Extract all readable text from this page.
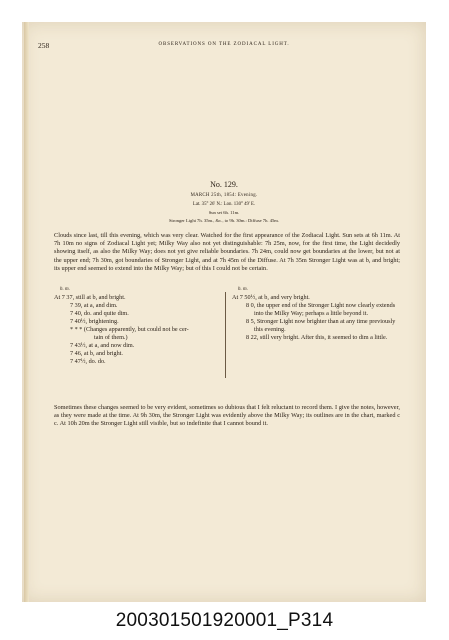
258	OBSERVATIONS ON THE ZODIACAL LIGHT.
No. 129.
MARCH 25th, 1854: Evening.
Lat. 35° 26' N.: Lon. 130° 49' E.
Sun set 6h. 11m.
Stronger Light 7h. 35m., &c., to 9h. 30m.: Diffuse 7h. 45m.
Clouds since last, till this evening, which was very clear. Watched for the first appearance of the Zodiacal Light. Sun sets at 6h 11m. At 7h 10m no signs of Zodiacal Light yet; Milky Way also not yet distinguishable: 7h 25m, now, for the first time, the Light decidedly showing itself, as also the Milky Way; does not yet give reliable boundaries. 7h 24m, could now get boundaries at the lower, but not at the upper end; 7h 30m, got boundaries of Stronger Light, and at 7h 45m of the Diffuse. At 7h 35m Stronger Light was at b, and bright; its upper end seemed to extend into the Milky Way; but of this I could not be certain.
h. m.
At 7 37, still at b, and bright.
7 39, at a, and dim.
7 40, do. and quite dim.
7 40½, brightening.
* * * (Changes apparently, but could not be cer-
tain of them.)
7 43½, at a, and now dim.
7 46, at b, and bright.
7 47½, do. do.
h. m.
At 7 50½, at b, and very bright.
8 0, the upper end of the Stronger Light now clearly extends into the Milky Way; perhaps a little beyond it.
8 5, Stronger Light now brighter than at any time previously this evening.
8 22, still very bright. After this, it seemed to dim a little.
Sometimes these changes seemed to be very evident, sometimes so dubious that I felt reluctant to record them. I give the notes, however, as they were made at the time. At 9h 30m, the Stronger Light was evidently above the Milky Way; its outlines are in the chart, marked c c. At 10h 20m the Stronger Light still visible, but so indefinite that I cannot bound it.
200301501920001_P314
